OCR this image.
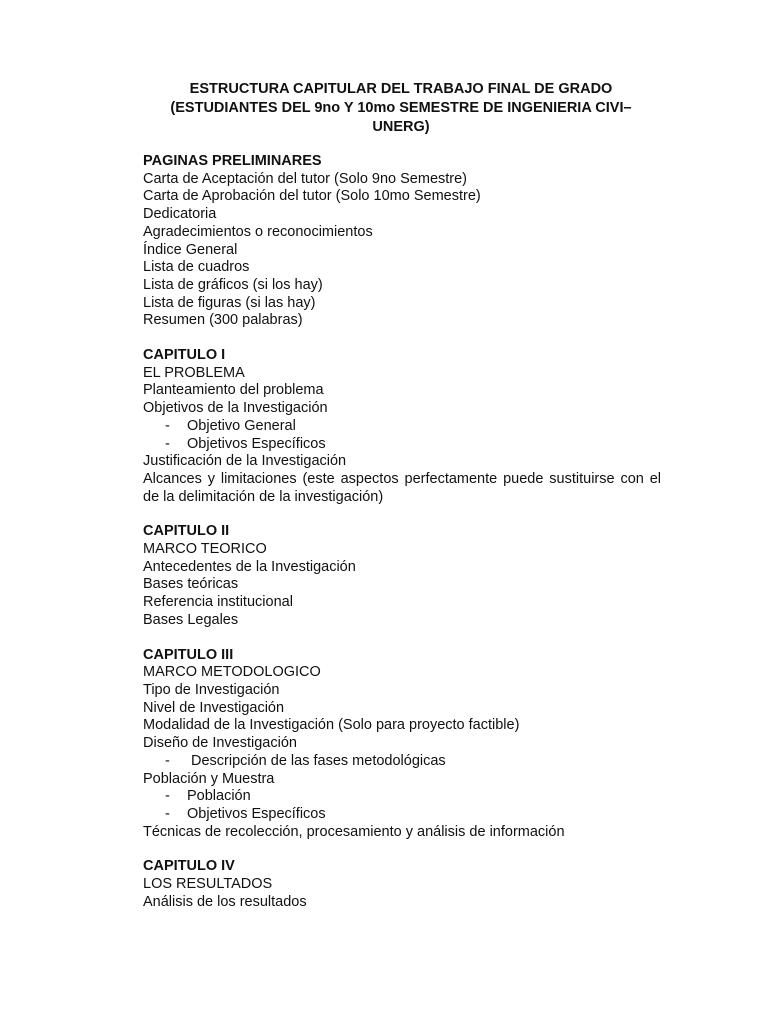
ESTRUCTURA CAPITULAR DEL TRABAJO FINAL DE GRADO
(ESTUDIANTES DEL 9no Y 10mo SEMESTRE DE INGENIERIA CIVI–
UNERG)
PAGINAS PRELIMINARES
Carta de Aceptación del tutor (Solo 9no Semestre)
Carta de Aprobación del tutor (Solo 10mo Semestre)
Dedicatoria
Agradecimientos o reconocimientos
Índice General
Lista de cuadros
Lista de gráficos (si los hay)
Lista de figuras (si las hay)
Resumen (300 palabras)
CAPITULO I
EL PROBLEMA
Planteamiento del problema
Objetivos de la Investigación
- Objetivo General
- Objetivos Específicos
Justificación de la Investigación
Alcances y limitaciones (este aspectos perfectamente puede sustituirse con el de la delimitación de la investigación)
CAPITULO II
MARCO TEORICO
Antecedentes de la Investigación
Bases teóricas
Referencia institucional
Bases Legales
CAPITULO III
MARCO METODOLOGICO
Tipo de Investigación
Nivel de Investigación
Modalidad de la Investigación (Solo para proyecto factible)
Diseño de Investigación
- Descripción de las fases metodológicas
Población y Muestra
- Población
- Objetivos Específicos
Técnicas de recolección, procesamiento y análisis de información
CAPITULO IV
LOS RESULTADOS
Análisis de los resultados
